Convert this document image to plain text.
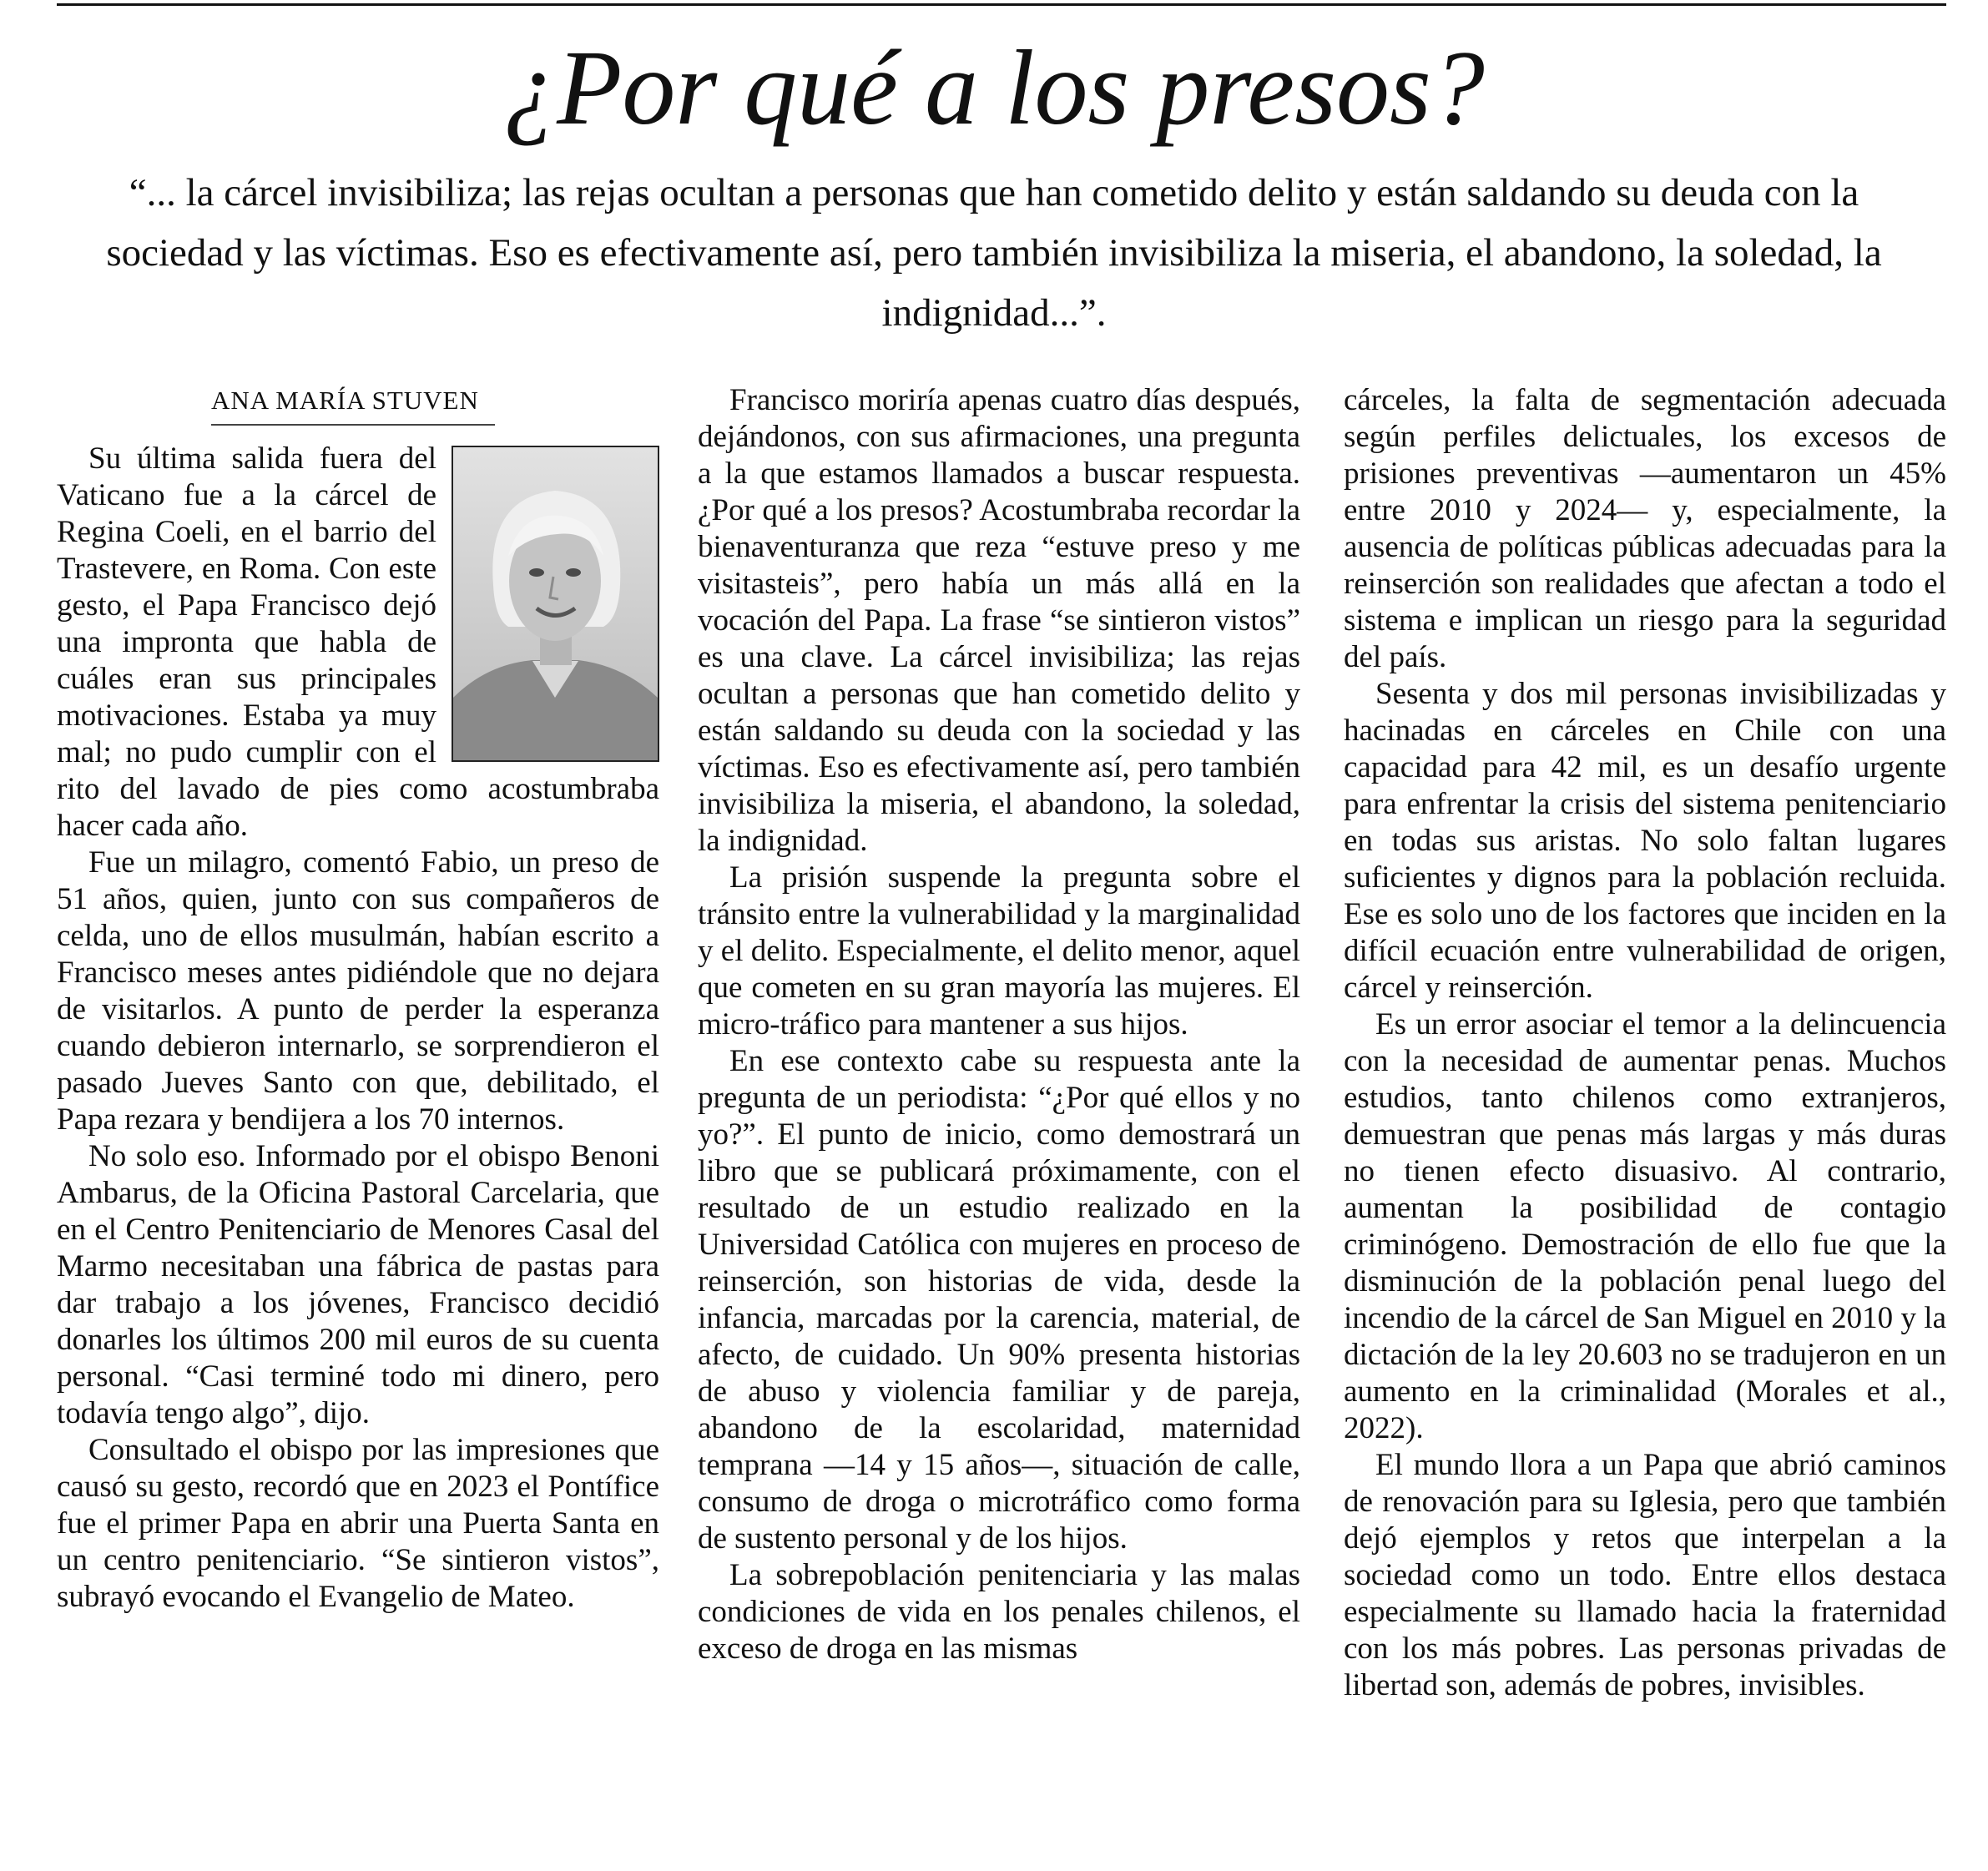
¿Por qué a los presos?

“... la cárcel invisibiliza; las rejas ocultan a personas que han cometido delito y están saldando su deuda con la sociedad y las víctimas. Eso es efectivamente así, pero también invisibiliza la miseria, el abandono, la soledad, la indignidad...”.

ANA MARÍA STUVEN

Su última salida fuera del Vaticano fue a la cárcel de Regina Coeli, en el barrio del Trastevere, en Roma. Con este gesto, el Papa Francisco dejó una impronta que habla de cuáles eran sus principales motivaciones. Estaba ya muy mal; no pudo cumplir con el rito del lavado de pies como acostumbraba hacer cada año.

Fue un milagro, comentó Fabio, un preso de 51 años, quien, junto con sus compañeros de celda, uno de ellos musulmán, habían escrito a Francisco meses antes pidiéndole que no dejara de visitarlos. A punto de perder la esperanza cuando debieron internarlo, se sorprendieron el pasado Jueves Santo con que, debilitado, el Papa rezara y bendijera a los 70 internos.

No solo eso. Informado por el obispo Benoni Ambarus, de la Oficina Pastoral Carcelaria, que en el Centro Penitenciario de Menores Casal del Marmo necesitaban una fábrica de pastas para dar trabajo a los jóvenes, Francisco decidió donarles los últimos 200 mil euros de su cuenta personal. “Casi terminé todo mi dinero, pero todavía tengo algo”, dijo.

Consultado el obispo por las impresiones que causó su gesto, recordó que en 2023 el Pontífice fue el primer Papa en abrir una Puerta Santa en un centro penitenciario. “Se sintieron vistos”, subrayó evocando el Evangelio de Mateo.

Francisco moriría apenas cuatro días después, dejándonos, con sus afirmaciones, una pregunta a la que estamos llamados a buscar respuesta. ¿Por qué a los presos? Acostumbraba recordar la bienaventuranza que reza “estuve preso y me visitasteis”, pero había un más allá en la vocación del Papa. La frase “se sintieron vistos” es una clave. La cárcel invisibiliza; las rejas ocultan a personas que han cometido delito y están saldando su deuda con la sociedad y las víctimas. Eso es efectivamente así, pero también invisibiliza la miseria, el abandono, la soledad, la indignidad.

La prisión suspende la pregunta sobre el tránsito entre la vulnerabilidad y la marginalidad y el delito. Especialmente, el delito menor, aquel que cometen en su gran mayoría las mujeres. El micro-tráfico para mantener a sus hijos.

En ese contexto cabe su respuesta ante la pregunta de un periodista: “¿Por qué ellos y no yo?”. El punto de inicio, como demostrará un libro que se publicará próximamente, con el resultado de un estudio realizado en la Universidad Católica con mujeres en proceso de reinserción, son historias de vida, desde la infancia, marcadas por la carencia, material, de afecto, de cuidado. Un 90% presenta historias de abuso y violencia familiar y de pareja, abandono de la escolaridad, maternidad temprana —14 y 15 años—, situación de calle, consumo de droga o microtráfico como forma de sustento personal y de los hijos.

La sobrepoblación penitenciaria y las malas condiciones de vida en los penales chilenos, el exceso de droga en las mismas

cárceles, la falta de segmentación adecuada según perfiles delictuales, los excesos de prisiones preventivas —aumentaron un 45% entre 2010 y 2024— y, especialmente, la ausencia de políticas públicas adecuadas para la reinserción son realidades que afectan a todo el sistema e implican un riesgo para la seguridad del país.

Sesenta y dos mil personas invisibilizadas y hacinadas en cárceles en Chile con una capacidad para 42 mil, es un desafío urgente para enfrentar la crisis del sistema penitenciario en todas sus aristas. No solo faltan lugares suficientes y dignos para la población recluida. Ese es solo uno de los factores que inciden en la difícil ecuación entre vulnerabilidad de origen, cárcel y reinserción.

Es un error asociar el temor a la delincuencia con la necesidad de aumentar penas. Muchos estudios, tanto chilenos como extranjeros, demuestran que penas más largas y más duras no tienen efecto disuasivo. Al contrario, aumentan la posibilidad de contagio criminógeno. Demostración de ello fue que la disminución de la población penal luego del incendio de la cárcel de San Miguel en 2010 y la dictación de la ley 20.603 no se tradujeron en un aumento en la criminalidad (Morales et al., 2022).

El mundo llora a un Papa que abrió caminos de renovación para su Iglesia, pero que también dejó ejemplos y retos que interpelan a la sociedad como un todo. Entre ellos destaca especialmente su llamado hacia la fraternidad con los más pobres. Las personas privadas de libertad son, además de pobres, invisibles.
